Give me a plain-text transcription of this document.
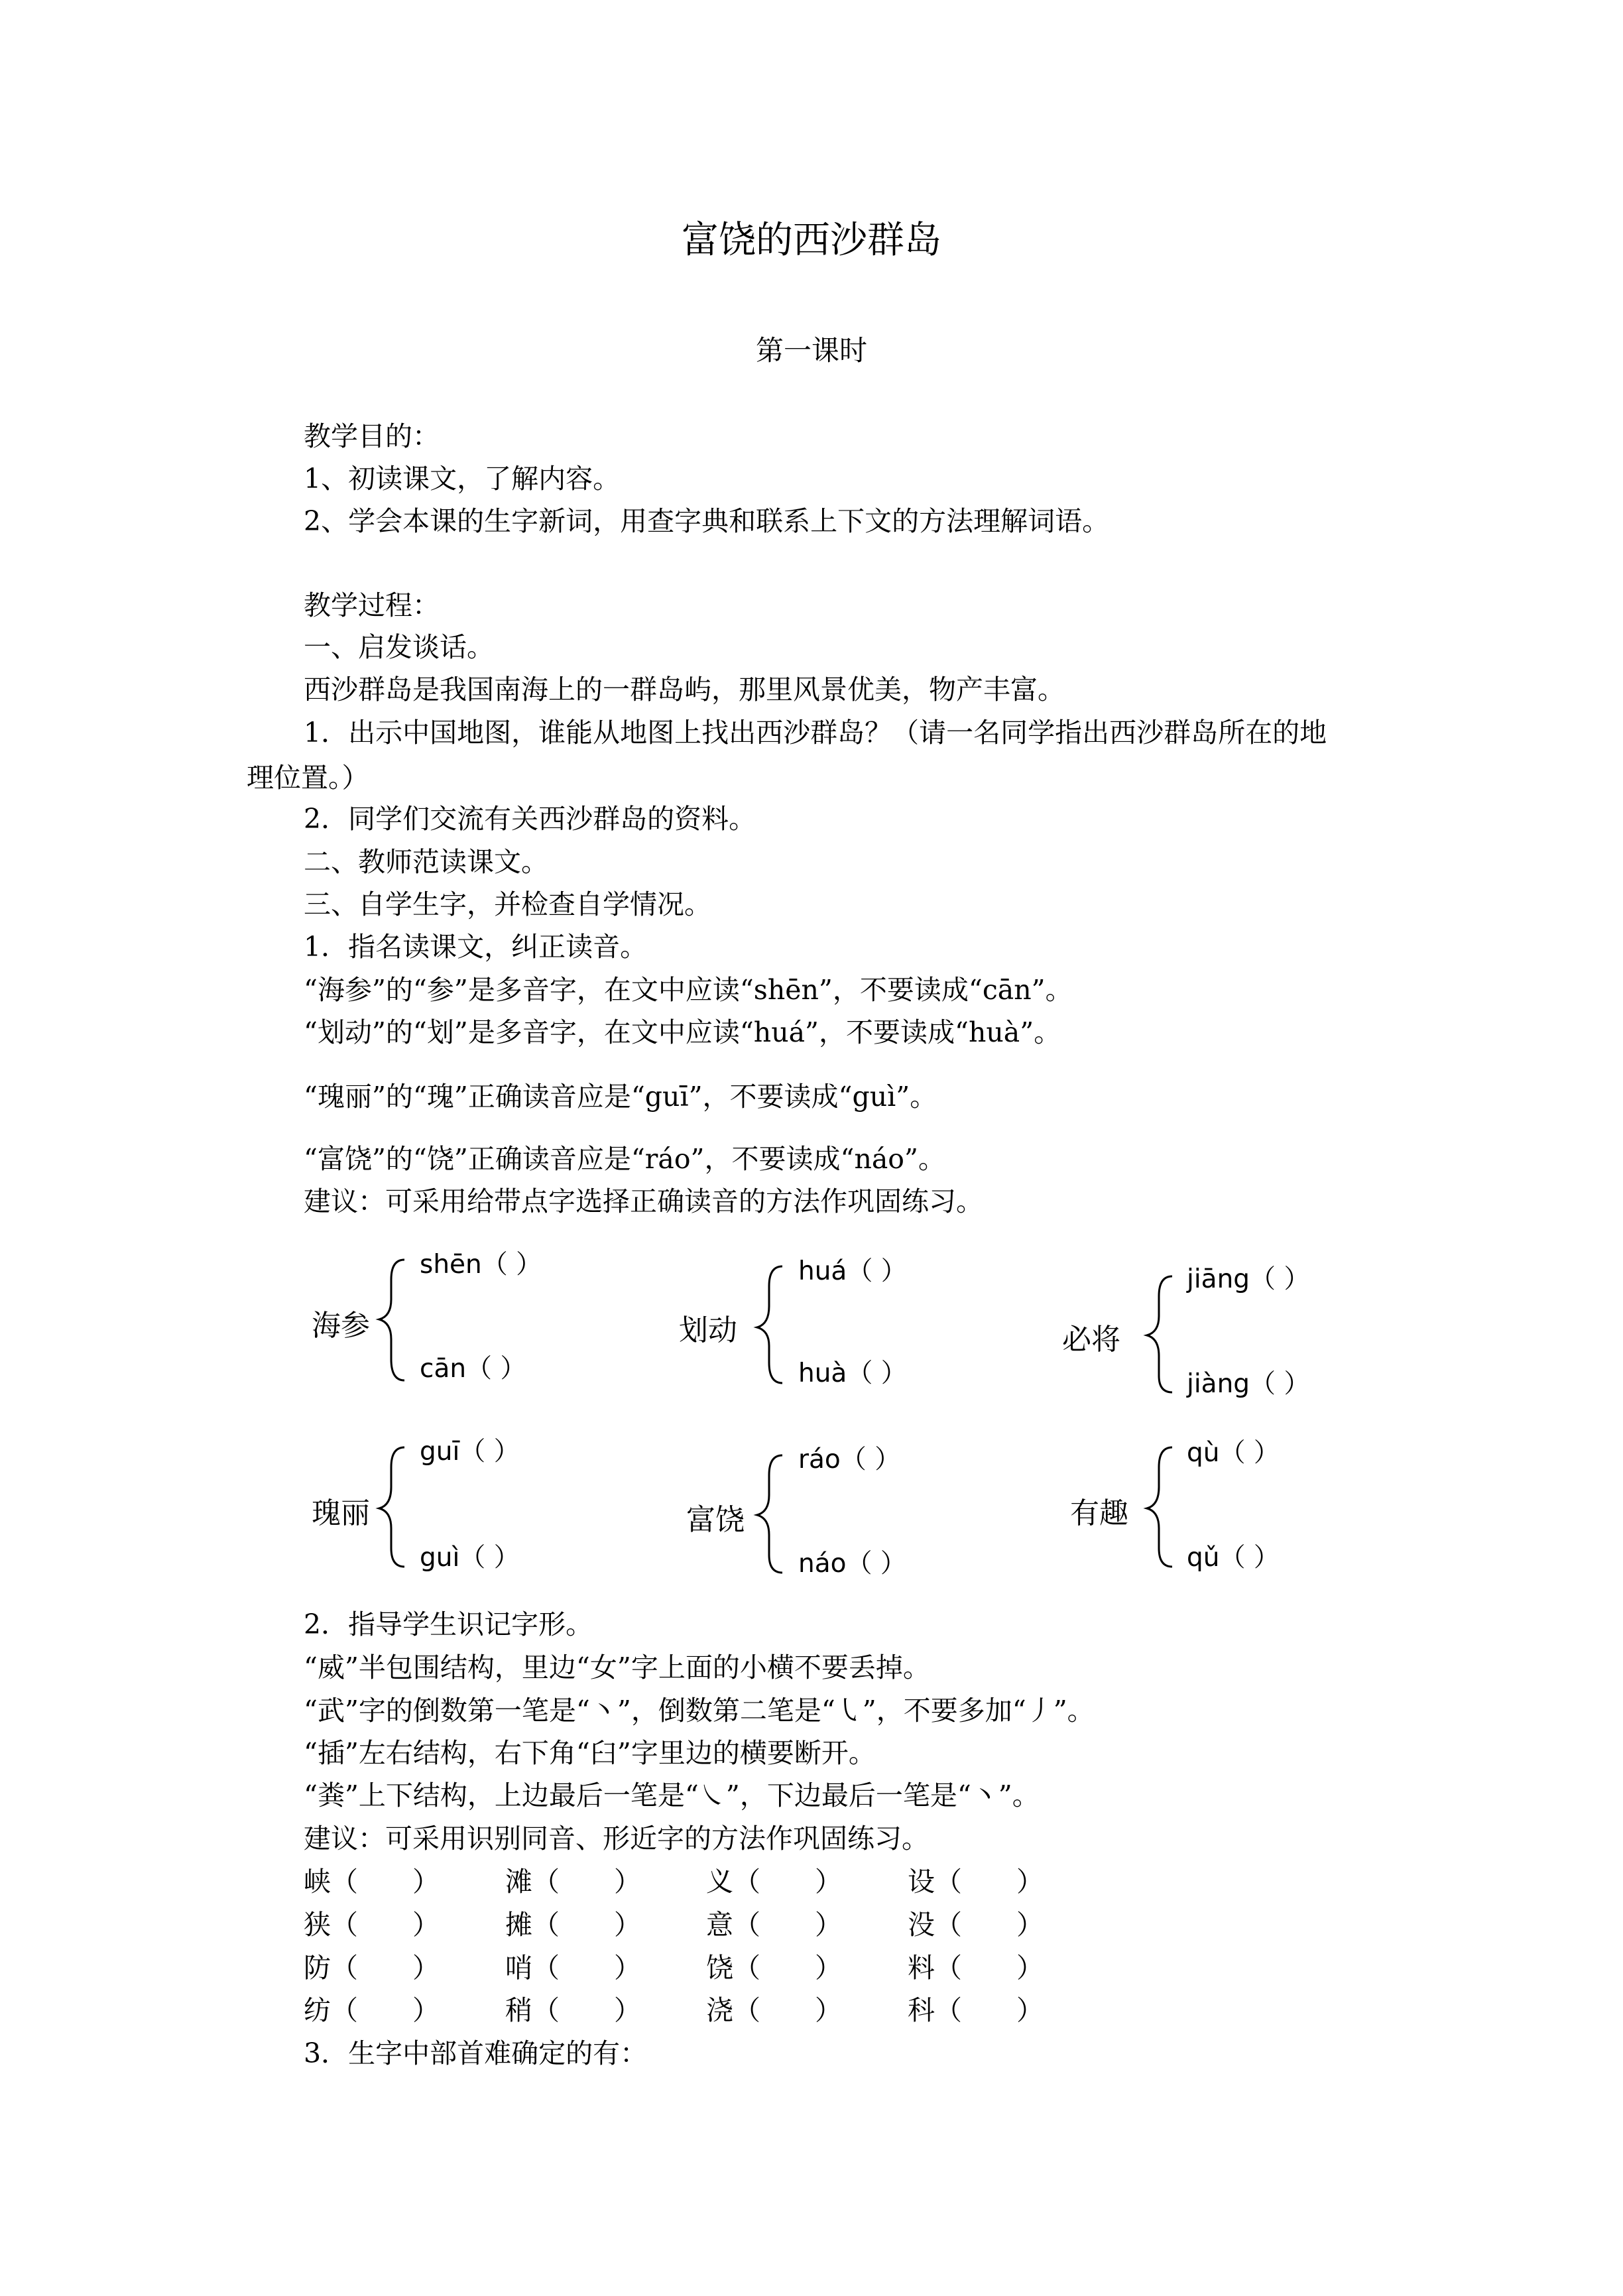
富饶的西沙群岛
第一课时
教学目的：
1、初读课文，了解内容。
2、学会本课的生字新词，用查字典和联系上下文的方法理解词语。
教学过程：
一、启发谈话。
西沙群岛是我国南海上的一群岛屿，那里风景优美，物产丰富。
1．出示中国地图，谁能从地图上找出西沙群岛？（请一名同学指出西沙群岛所在的地
理位置。）
2．同学们交流有关西沙群岛的资料。
二、教师范读课文。
三、自学生字，并检查自学情况。
1．指名读课文，纠正读音。
“海参”的“参”是多音字，在文中应读“shēn”，不要读成“cān”。
“划动”的“划”是多音字，在文中应读“huá”，不要读成“huà”。
“瑰丽”的“瑰”正确读音应是“guī”，不要读成“guì”。
“富饶”的“饶”正确读音应是“ráo”，不要读成“náo”。
建议：可采用给带点字选择正确读音的方法作巩固练习。
海参
shēn（ ）
cān（ ）
划动
huá（ ）
huà（ ）
必将
jiāng（ ）
jiàng（ ）
瑰丽
guī（ ）
guì（ ）
富饶
ráo（ ）
náo（ ）
有趣
qù（ ）
qǔ（ ）
2．指导学生识记字形。
“威”半包围结构，里边“女”字上面的小横不要丢掉。
“武”字的倒数第一笔是“丶”，倒数第二笔是“㇂”，不要多加“丿”。
“插”左右结构，右下角“臼”字里边的横要断开。
“粪”上下结构，上边最后一笔是“㇏”，下边最后一笔是“丶”。
建议：可采用识别同音、形近字的方法作巩固练习。
峡（　　） 滩（　　） 义（　　） 设（　　）
狭（　　） 摊（　　） 意（　　） 没（　　）
防（　　） 哨（　　） 饶（　　） 料（　　）
纺（　　） 稍（　　） 浇（　　） 科（　　）
3．生字中部首难确定的有：
